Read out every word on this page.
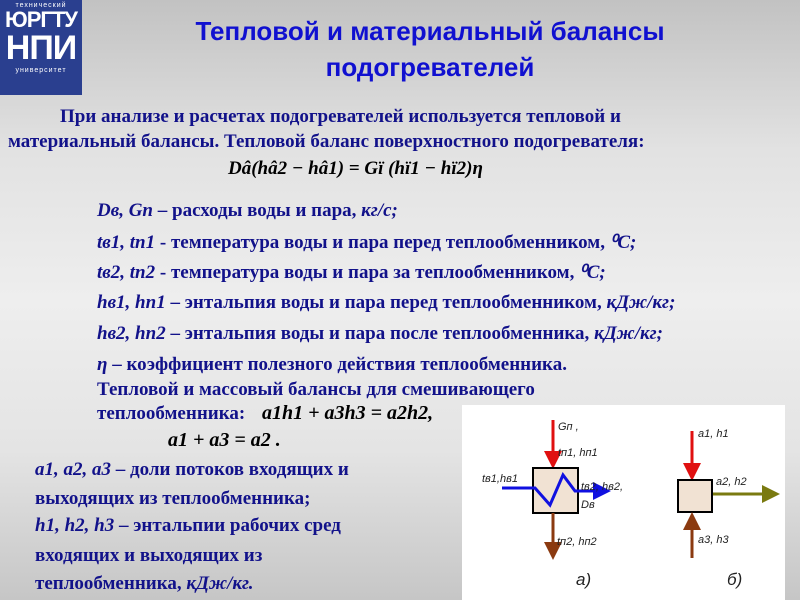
технический
ЮРГТУ
НПИ
университет
Тепловой и материальный балансы
подогревателей
При анализе и расчетах подогревателей используется тепловой и
материальный балансы. Тепловой баланс поверхностного подогревателя:
Dâ(hâ2 − hâ1) = Gï (hï1 − hï2)η
Dв, Gп – расходы воды и пара, кг/с;
tв1, tп1 - температура воды и пара перед теплообменником, ⁰C;
tв2, tп2 - температура воды и пара за теплообменником, ⁰C;
hв1, hп1 – энтальпия воды и пара перед теплообменником, кДж/кг;
hв2, hп2 – энтальпия воды и пара после теплообменника, кДж/кг;
η – коэффициент полезного действия теплообменника.
Тепловой и массовый балансы для смешивающего
теплообменника: a1h1 + a3h3 = a2h2,
a1 + a3 = a2 .
a1, a2, a3 – доли потоков входящих и
выходящих из теплообменника;
h1, h2, h3 – энтальпии рабочих сред
входящих и выходящих из
теплообменника, кДж/кг.
Gп ,
tп1, hп1
tв1,hв1
tв2, hв2,
Dв
tп2, hп2
а)
a1, h1
a2, h2
a3, h3
б)
